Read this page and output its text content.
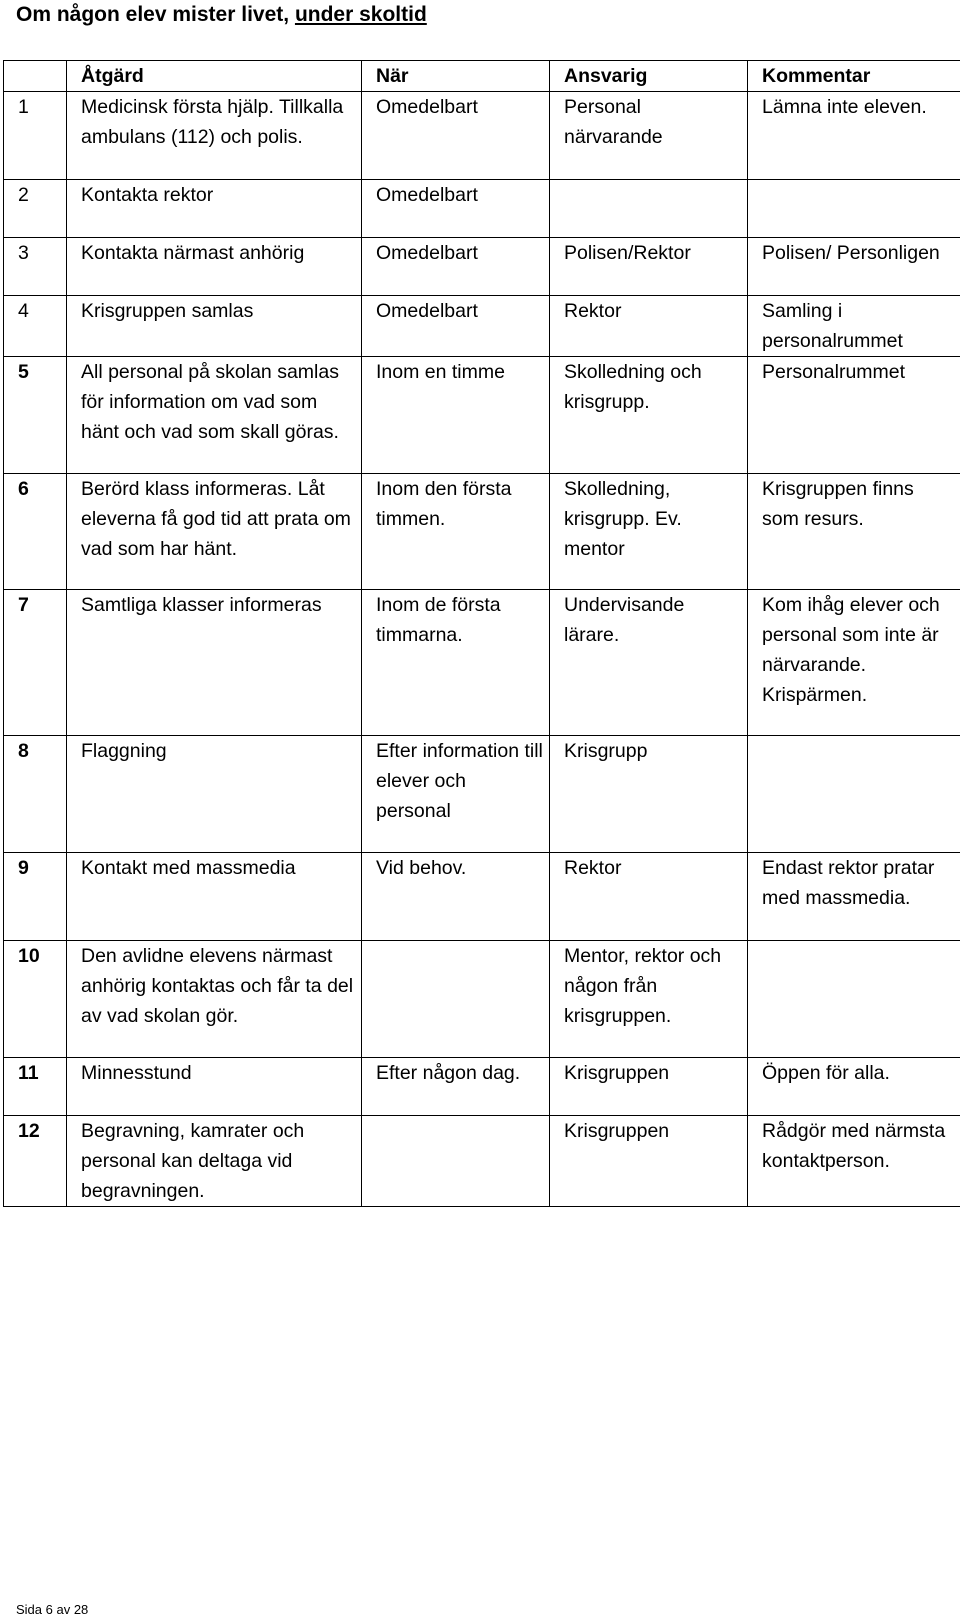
Om någon elev mister livet, under skoltid
	Åtgärd	När	Ansvarig	Kommentar
1	Medicinsk första hjälp. Tillkalla ambulans (112) och polis.	Omedelbart	Personal närvarande	Lämna inte eleven.
2	Kontakta rektor	Omedelbart		
3	Kontakta närmast anhörig	Omedelbart	Polisen/Rektor	Polisen/ Personligen
4	Krisgruppen samlas	Omedelbart	Rektor	Samling i personalrummet
5	All personal på skolan samlas för information om vad som hänt och vad som skall göras.	Inom en timme	Skolledning och krisgrupp.	Personalrummet
6	Berörd klass informeras. Låt eleverna få god tid att prata om vad som har hänt.	Inom den första timmen.	Skolledning, krisgrupp. Ev. mentor	Krisgruppen finns som resurs.
7	Samtliga klasser informeras	Inom de första timmarna.	Undervisande lärare.	Kom ihåg elever och personal som inte är närvarande. Krispärmen.
8	Flaggning	Efter information till elever och personal	Krisgrupp	
9	Kontakt med massmedia	Vid behov.	Rektor	Endast rektor pratar med massmedia.
10	Den avlidne elevens närmast anhörig kontaktas och får ta del av vad skolan gör.		Mentor, rektor och någon från krisgruppen.	
11	Minnesstund	Efter någon dag.	Krisgruppen	Öppen för alla.
12	Begravning, kamrater och personal kan deltaga vid begravningen.		Krisgruppen	Rådgör med närmsta kontaktperson.
Sida 6 av 28
